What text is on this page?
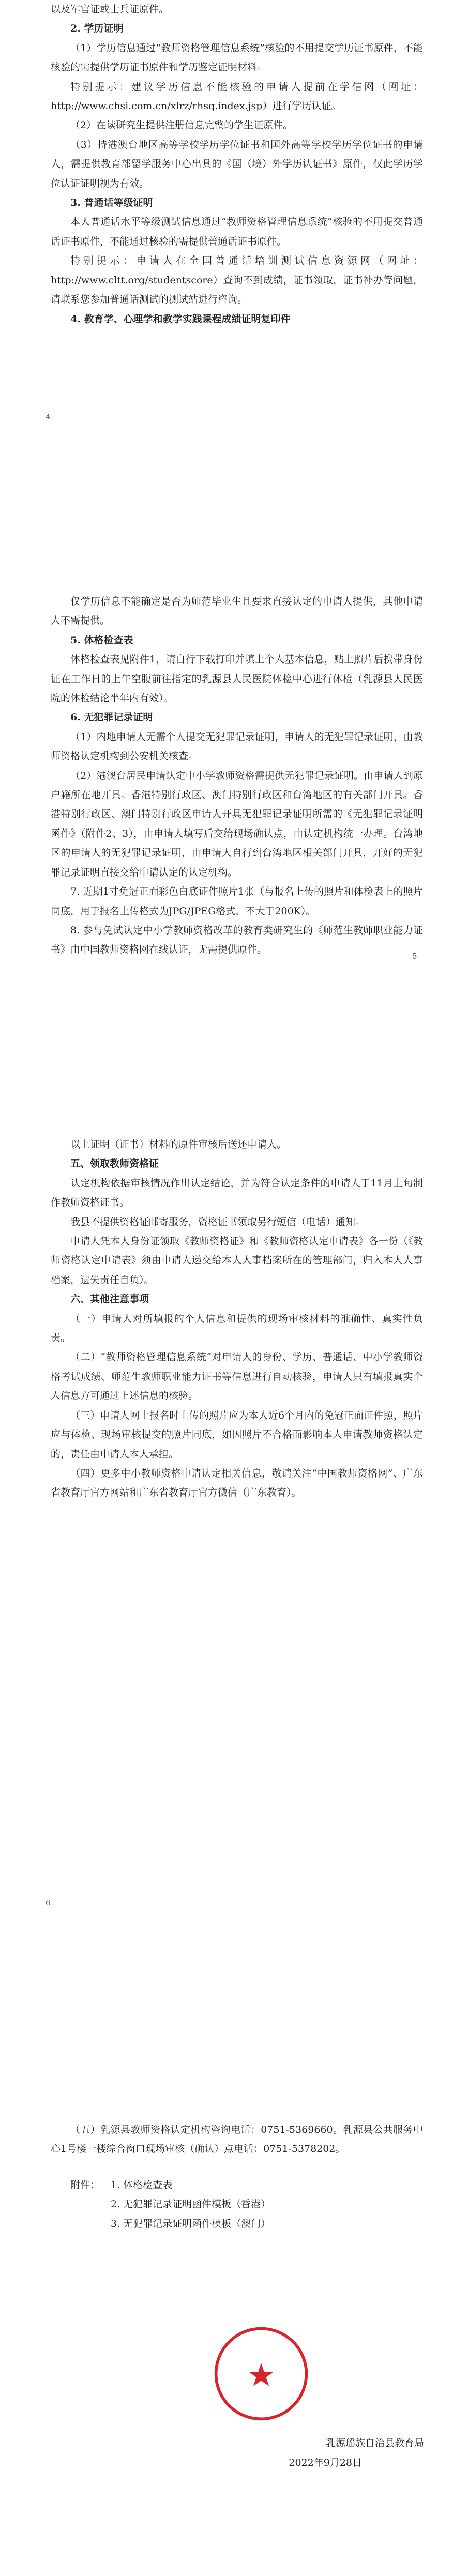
以及军官证或士兵证原件。

2. 学历证明

（1）学历信息通过“教师资格管理信息系统”核验的不用提交学历证书原件，不能核验的需提供学历证书原件和学历鉴定证明材料。

特别提示：建议学历信息不能核验的申请人提前在学信网（网址：http://www.chsi.com.cn/xlrz/rhsq.index.jsp）进行学历认证。

（2）在读研究生提供注册信息完整的学生证原件。

（3）持港澳台地区高等学校学历学位证书和国外高等学校学历学位证书的申请人，需提供教育部留学服务中心出具的《国（境）外学历认证书》原件，仅此学历学位认证证明视为有效。

3. 普通话等级证明

本人普通话水平等级测试信息通过“教师资格管理信息系统”核验的不用提交普通话证书原件，不能通过核验的需提供普通话证书原件。

特别提示：申请人在全国普通话培训测试信息资源网（网址：http://www.cltt.org/studentscore）查询不到成绩，证书领取，证书补办等问题，请联系您参加普通话测试的测试站进行咨询。

4. 教育学、心理学和教学实践课程成绩证明复印件

4

仅学历信息不能确定是否为师范毕业生且要求直接认定的申请人提供，其他申请人不需提供。

5. 体格检查表

体格检查表见附件1，请自行下载打印并填上个人基本信息，贴上照片后携带身份证在工作日的上午空腹前往指定的乳源县人民医院体检中心进行体检（乳源县人民医院的体检结论半年内有效）。

6. 无犯罪记录证明

（1）内地申请人无需个人提交无犯罪记录证明，申请人的无犯罪记录证明，由教师资格认定机构到公安机关核查。

（2）港澳台居民申请认定中小学教师资格需提供无犯罪记录证明。由申请人到原户籍所在地开具。香港特别行政区、澳门特别行政区和台湾地区的有关部门开具。香港特别行政区、澳门特别行政区申请人开具无犯罪记录证明所需的《无犯罪记录证明函件》（附件2、3），由申请人填写后交给现场确认点，由认定机构统一办理。台湾地区的申请人的无犯罪记录证明，由申请人自行到台湾地区相关部门开具，开好的无犯罪记录证明直接交给申请认定的认定机构。

7. 近期1寸免冠正面彩色白底证件照片1张（与报名上传的照片和体检表上的照片同底，用于报名上传格式为JPG/JPEG格式，不大于200K）。

8. 参与免试认定中小学教师资格改革的教育类研究生的《师范生教师职业能力证书》由中国教师资格网在线认证，无需提供原件。

5

以上证明（证书）材料的原件审核后送还申请人。

五、领取教师资格证

认定机构依据审核情况作出认定结论，并为符合认定条件的申请人于11月上旬制作教师资格证书。

我县不提供资格证邮寄服务，资格证书领取另行短信（电话）通知。

申请人凭本人身份证领取《教师资格证》和《教师资格认定申请表》各一份（《教师资格认定申请表》须由申请人递交给本人人事档案所在的管理部门，归入本人人事档案，遗失责任自负）。

六、其他注意事项

（一）申请人对所填报的个人信息和提供的现场审核材料的准确性、真实性负责。

（二）“教师资格管理信息系统”对申请人的身份、学历、普通话、中小学教师资格考试成绩、师范生教师职业能力证书等信息进行自动核验，申请人只有填报真实个人信息方可通过上述信息的核验。

（三）申请人网上报名时上传的照片应为本人近6个月内的免冠正面证件照，照片应与体检、现场审核提交的照片同底，如因照片不合格而影响本人申请教师资格认定的，责任由申请人本人承担。

（四）更多中小教师资格申请认定相关信息，敬请关注“中国教师资格网”、广东省教育厅官方网站和广东省教育厅官方微信（广东教育）。

6

（五）乳源县教师资格认定机构咨询电话：0751-5369660。乳源县公共服务中心1号楼一楼综合窗口现场审核（确认）点电话：0751-5378202。

附件：	1. 体格检查表
2. 无犯罪记录证明函件模板（香港）
3. 无犯罪记录证明函件模板（澳门）
乳源瑶族自治县教育局
2022年9月28日
